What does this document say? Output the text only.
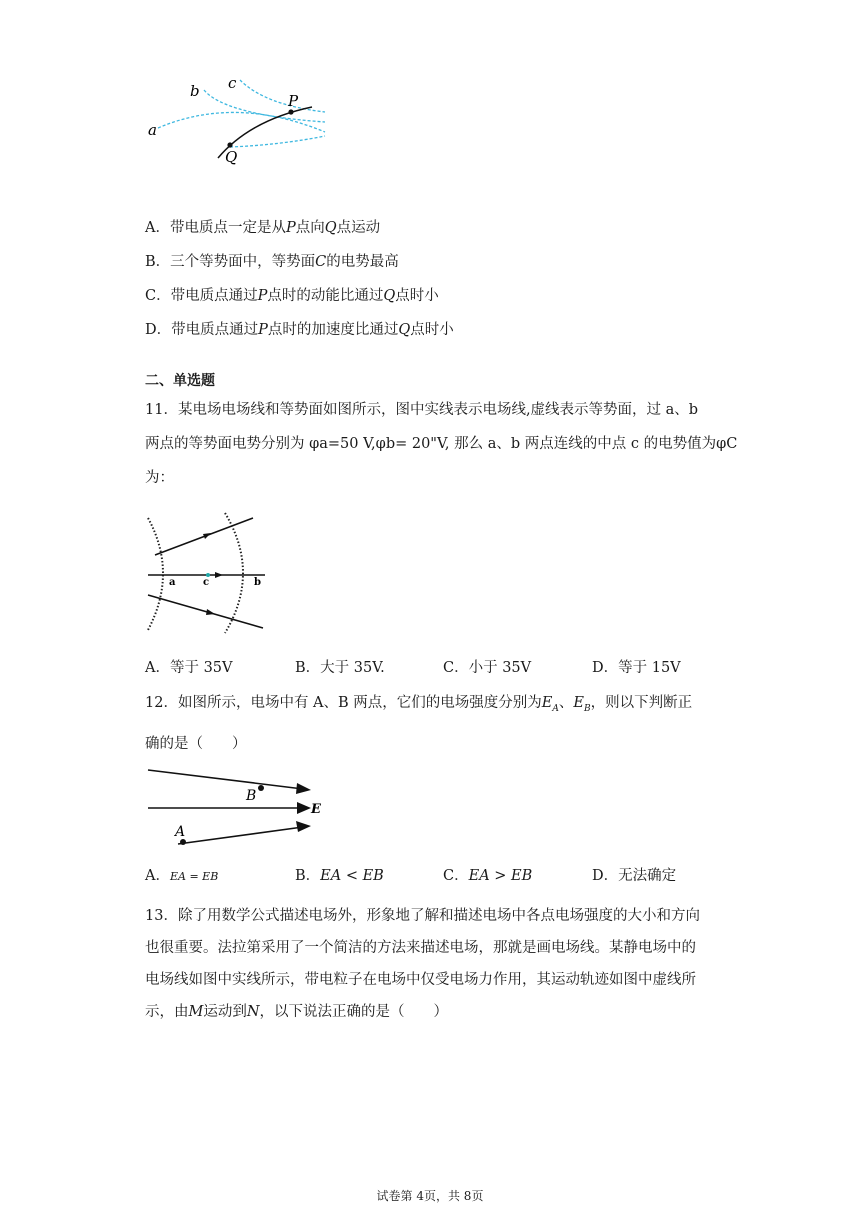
a
b c
P
Q
A．带电质点一定是从P点向Q点运动
B．三个等势面中，等势面C的电势最高
C．带电质点通过P点时的动能比通过Q点时小
D．带电质点通过P点时的加速度比通过Q点时小
二、单选题
11．某电场电场线和等势面如图所示，图中实线表示电场线,虚线表示等势面，过 a、b
两点的等势面电势分别为 φa=50 V,φb= 20"V, 那么 a、b 两点连线的中点 c 的电势值为φC
为：
a	c	b
A．等于 35V	B．大于 35V.	C．小于 35V	D．等于 15V
12．如图所示，电场中有 A、B 两点，它们的电场强度分别为$E_A$、$E_B$，则以下判断正
确的是（　　）
B
A
E
A．EA = EB	B．EA < EB	C．EA > EB	D．无法确定
13．除了用数学公式描述电场外，形象地了解和描述电场中各点电场强度的大小和方向
也很重要。法拉第采用了一个简洁的方法来描述电场，那就是画电场线。某静电场中的
电场线如图中实线所示，带电粒子在电场中仅受电场力作用，其运动轨迹如图中虚线所
示，由M运动到N，以下说法正确的是（　　）
试卷第 4页，共 8页
